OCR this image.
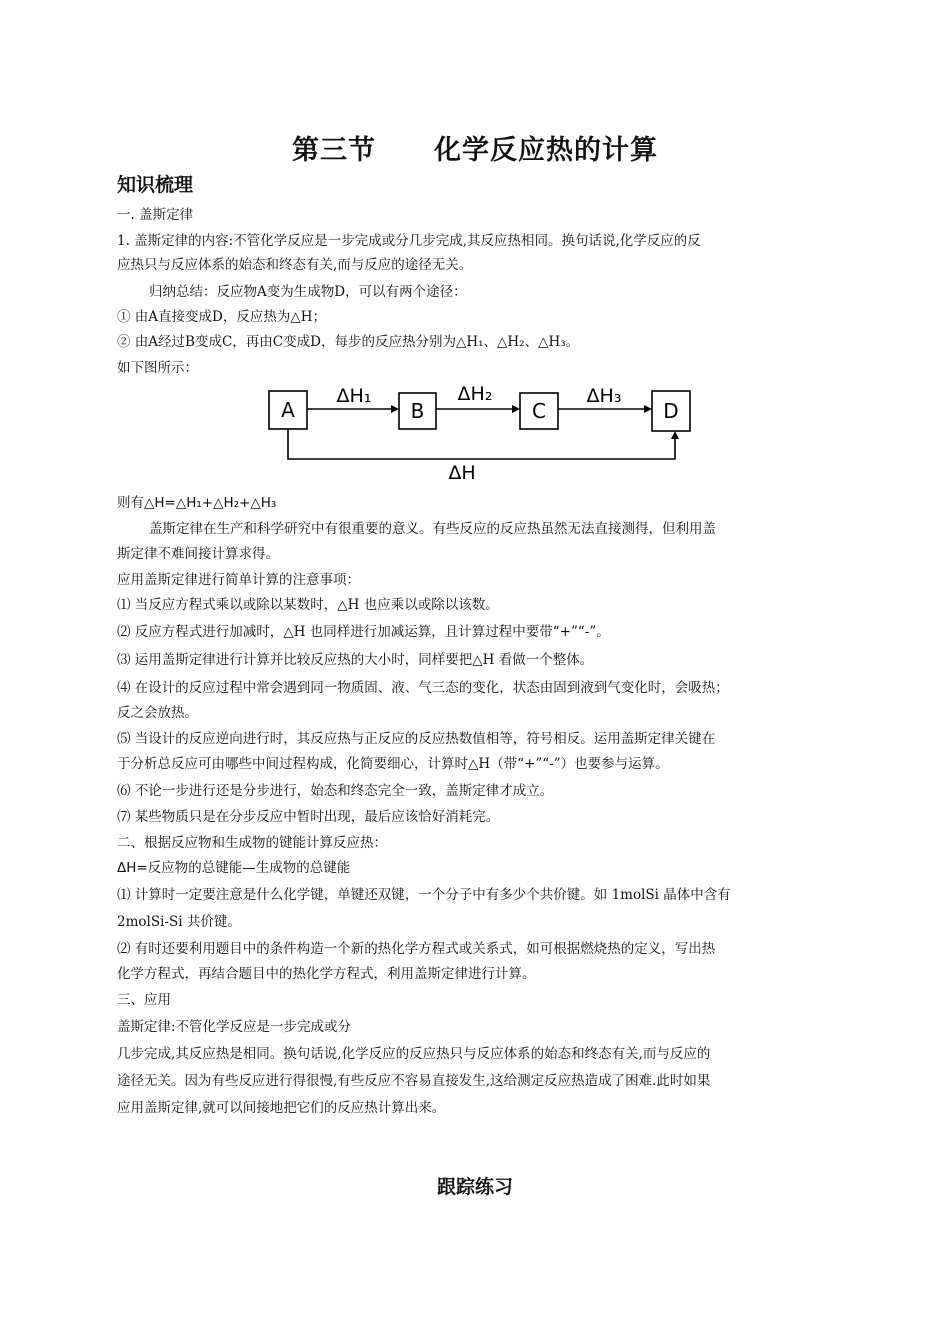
第三节 化学反应热的计算
知识梳理
一. 盖斯定律
1. 盖斯定律的内容:不管化学反应是一步完成或分几步完成,其反应热相同。换句话说,化学反应的反
应热只与反应体系的始态和终态有关,而与反应的途径无关。
归纳总结：反应物A变为生成物D，可以有两个途径：
① 由A直接变成D，反应热为△H；
② 由A经过B变成C，再由C变成D，每步的反应热分别为△H₁、△H₂、△H₃。
如下图所示：
A	B	C	D
ΔH₁	ΔH₂	ΔH₃
ΔH
则有△H=△H₁+△H₂+△H₃
盖斯定律在生产和科学研究中有很重要的意义。有些反应的反应热虽然无法直接测得，但利用盖
斯定律不难间接计算求得。
应用盖斯定律进行简单计算的注意事项：
⑴ 当反应方程式乘以或除以某数时，△H 也应乘以或除以该数。
⑵ 反应方程式进行加减时，△H 也同样进行加减运算，且计算过程中要带“+”“-”。
⑶ 运用盖斯定律进行计算并比较反应热的大小时，同样要把△H 看做一个整体。
⑷ 在设计的反应过程中常会遇到同一物质固、液、气三态的变化，状态由固到液到气变化时，会吸热；
反之会放热。
⑸ 当设计的反应逆向进行时，其反应热与正反应的反应热数值相等，符号相反。运用盖斯定律关键在
于分析总反应可由哪些中间过程构成，化简要细心，计算时△H（带“+”“-”）也要参与运算。
⑹ 不论一步进行还是分步进行，始态和终态完全一致，盖斯定律才成立。
⑺ 某些物质只是在分步反应中暂时出现，最后应该恰好消耗完。
二、根据反应物和生成物的键能计算反应热：
ΔH=反应物的总键能—生成物的总键能
⑴ 计算时一定要注意是什么化学键，单键还双键，一个分子中有多少个共价键。如 1molSi 晶体中含有
2molSi-Si 共价键。
⑵ 有时还要利用题目中的条件构造一个新的热化学方程式或关系式，如可根据燃烧热的定义，写出热
化学方程式，再结合题目中的热化学方程式，利用盖斯定律进行计算。
三、应用
盖斯定律:不管化学反应是一步完成或分
几步完成,其反应热是相同。换句话说,化学反应的反应热只与反应体系的始态和终态有关,而与反应的
途径无关。因为有些反应进行得很慢,有些反应不容易直接发生,这给测定反应热造成了困难.此时如果
应用盖斯定律,就可以间接地把它们的反应热计算出来。
跟踪练习
